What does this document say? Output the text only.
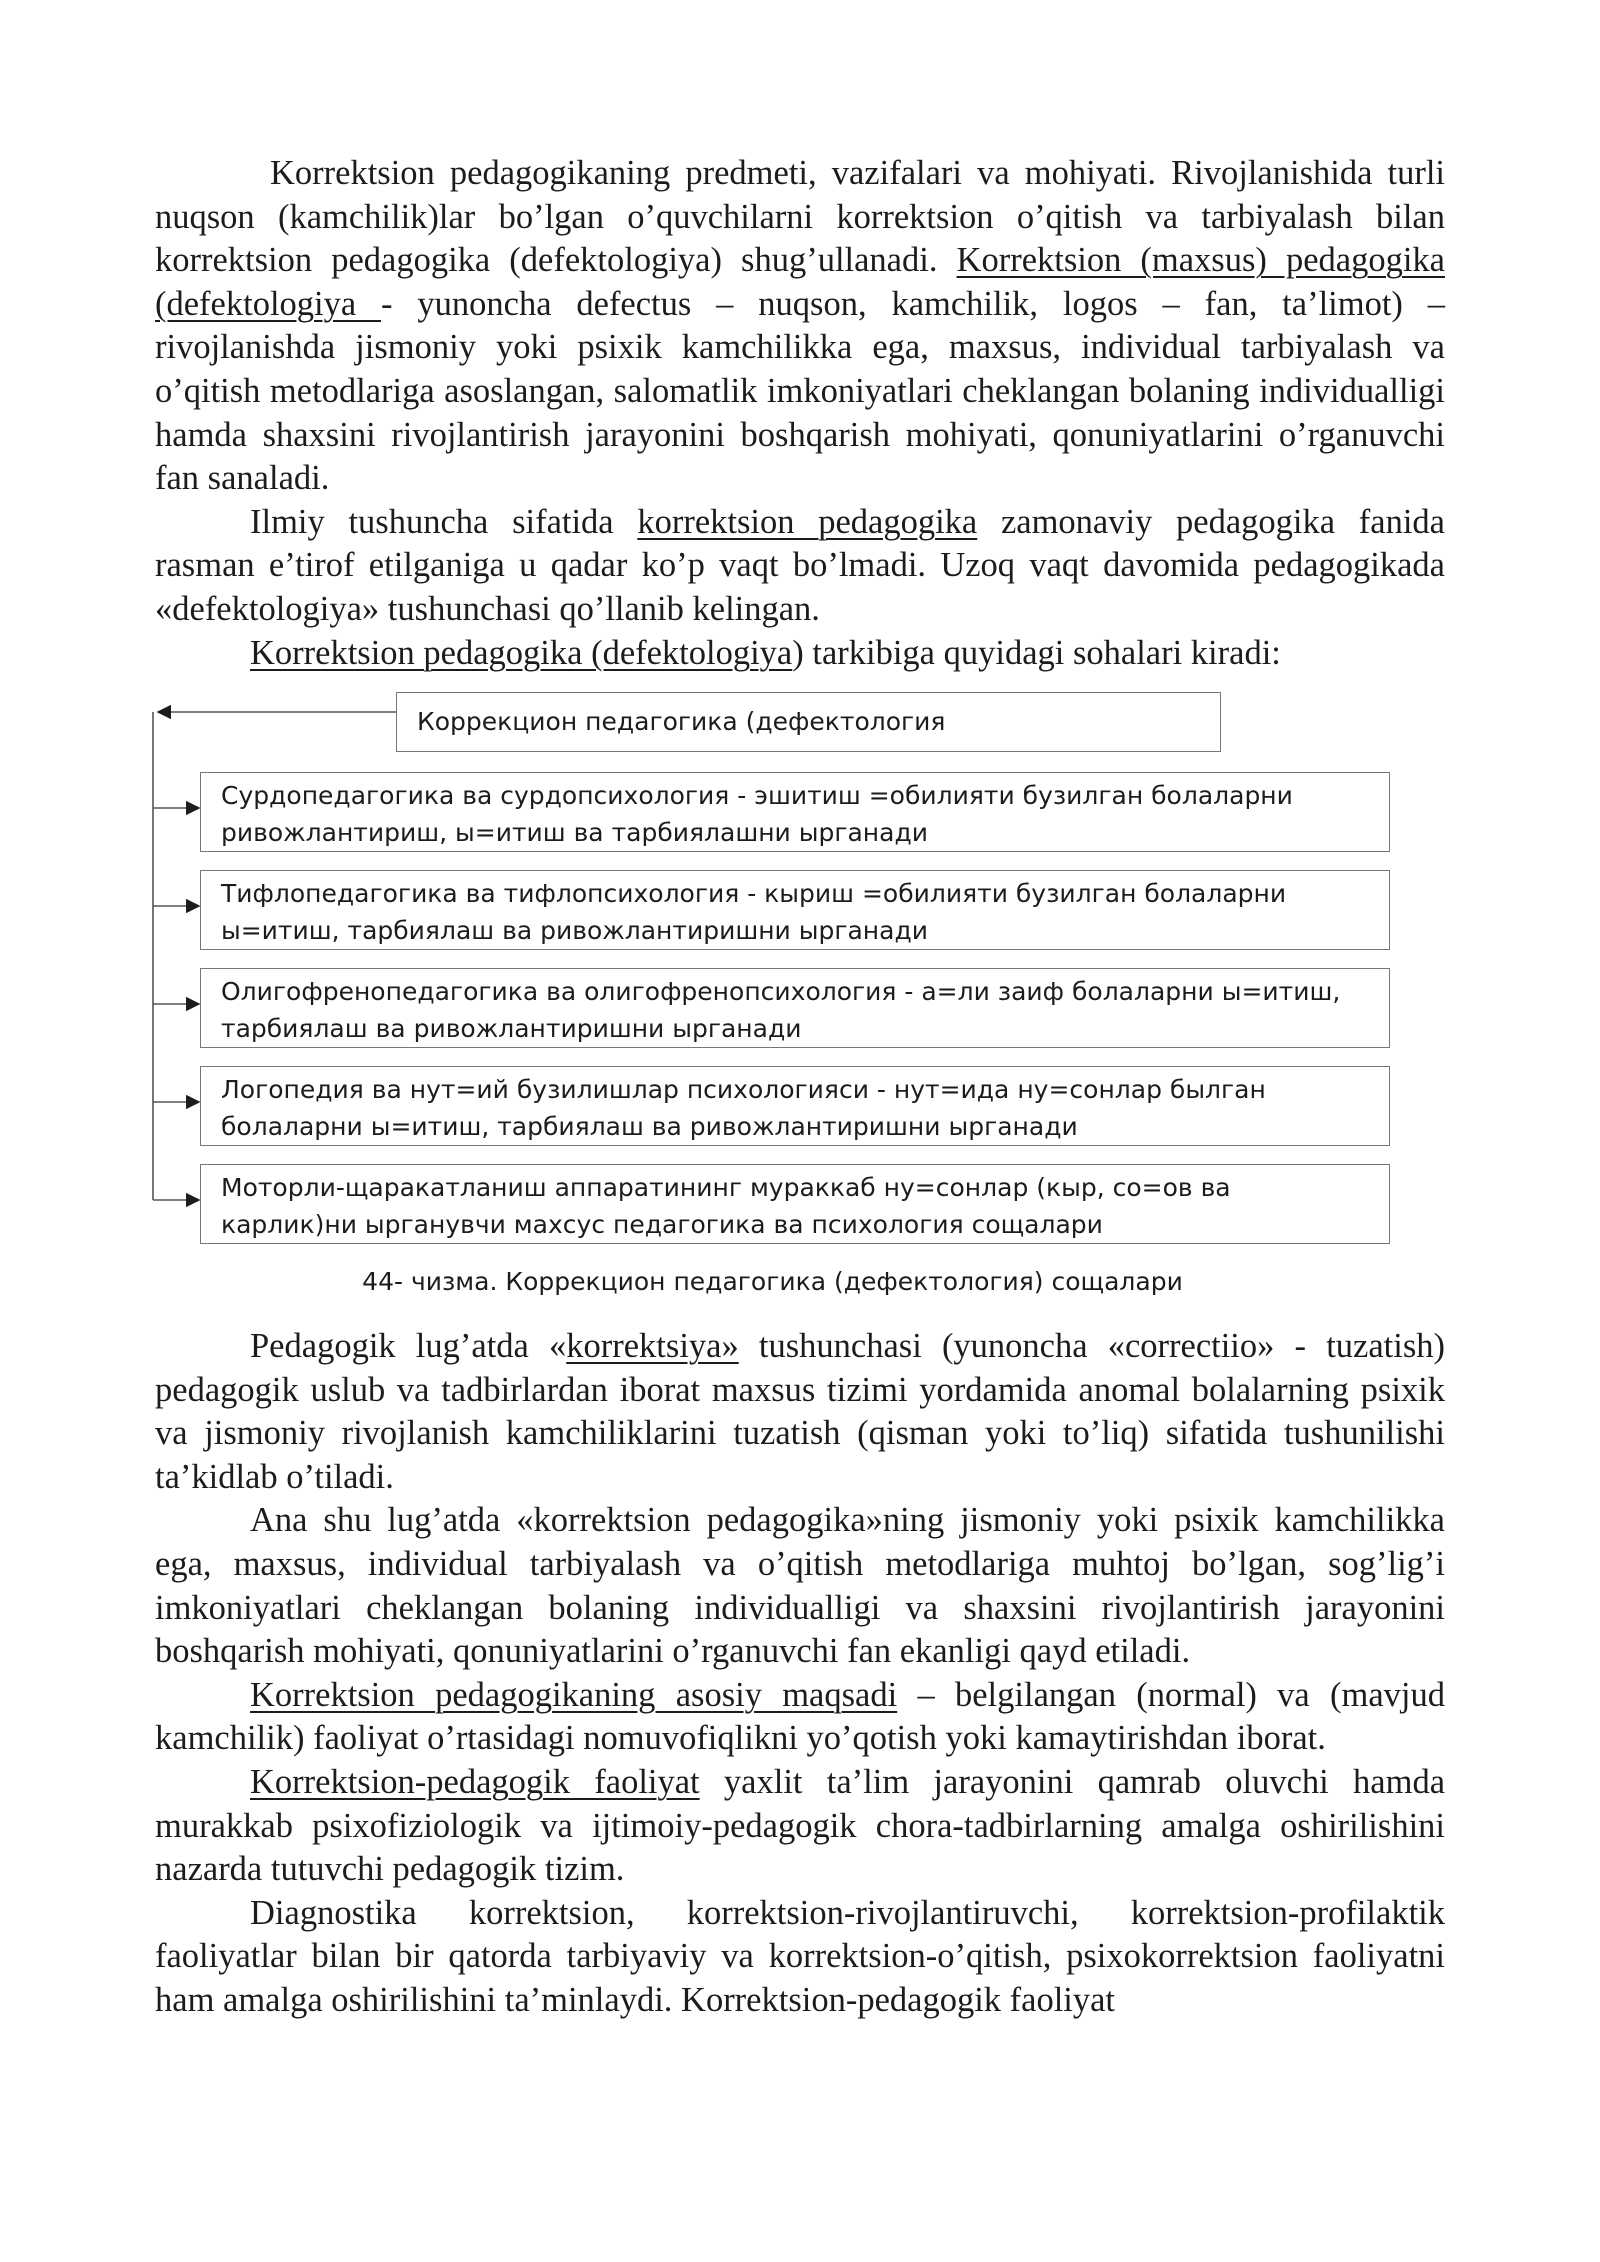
Korrektsion pedagogikaning predmeti, vazifalari va mohiyati. Rivojlanishida turli nuqson (kamchilik)lar bo’lgan o’quvchilarni korrektsion o’qitish va tarbiyalash bilan korrektsion pedagogika (defektologiya) shug’ullanadi. Korrektsion (maxsus) pedagogika (defektologiya - yunoncha defectus – nuqson, kamchilik, logos – fan, ta’limot) – rivojlanishda jismoniy yoki psixik kamchilikka ega, maxsus, individual tarbiyalash va o’qitish metodlariga asoslangan, salomatlik imkoniyatlari cheklangan bolaning individualligi hamda shaxsini rivojlantirish jarayonini boshqarish mohiyati, qonuniyatlarini o’rganuvchi fan sanaladi.

Ilmiy tushuncha sifatida korrektsion pedagogika zamonaviy pedagogika fanida rasman e’tirof etilganiga u qadar ko’p vaqt bo’lmadi. Uzoq vaqt davomida pedagogikada «defektologiya» tushunchasi qo’llanib kelingan.

Korrektsion pedagogika (defektologiya) tarkibiga quyidagi sohalari kiradi:

Коррекцион педагогика (дефектология
Сурдопедагогика ва сурдопсихология - эшитиш =обилияти бузилган болаларни
ривожлантириш, ы=итиш ва тарбиялашни ырганади
Тифлопедагогика ва тифлопсихология - кыриш =обилияти бузилган болаларни
ы=итиш, тарбиялаш ва ривожлантиришни ырганади
Олигофренопедагогика ва олигофренопсихология - а=ли заиф болаларни ы=итиш,
тарбиялаш ва ривожлантиришни ырганади
Логопедия ва нут=ий бузилишлар психологияси - нут=ида ну=сонлар былган
болаларни ы=итиш, тарбиялаш ва ривожлантиришни ырганади
Моторли-щаракатланиш аппаратининг мураккаб ну=сонлар (кыр, со=ов ва
карлик)ни ырганувчи махсус педагогика ва психология сощалари
44- чизма. Коррекцион педагогика (дефектология) сощалари

Pedagogik lug’atda «korrektsiya» tushunchasi (yunoncha «correctiio» - tuzatish) pedagogik uslub va tadbirlardan iborat maxsus tizimi yordamida anomal bolalarning psixik va jismoniy rivojlanish kamchiliklarini tuzatish (qisman yoki to’liq) sifatida tushunilishi ta’kidlab o’tiladi.

Ana shu lug’atda «korrektsion pedagogika»ning jismoniy yoki psixik kamchilikka ega, maxsus, individual tarbiyalash va o’qitish metodlariga muhtoj bo’lgan, sog’lig’i imkoniyatlari cheklangan bolaning individualligi va shaxsini rivojlantirish jarayonini boshqarish mohiyati, qonuniyatlarini o’rganuvchi fan ekanligi qayd etiladi.

Korrektsion pedagogikaning asosiy maqsadi – belgilangan (normal) va (mavjud kamchilik) faoliyat o’rtasidagi nomuvofiqlikni yo’qotish yoki kamaytirishdan iborat.

Korrektsion-pedagogik faoliyat yaxlit ta’lim jarayonini qamrab oluvchi hamda murakkab psixofiziologik va ijtimoiy-pedagogik chora-tadbirlarning amalga oshirilishini nazarda tutuvchi pedagogik tizim.

Diagnostika korrektsion, korrektsion-rivojlantiruvchi, korrektsion-profilaktik faoliyatlar bilan bir qatorda tarbiyaviy va korrektsion-o’qitish, psixokorrektsion faoliyatni ham amalga oshirilishini ta’minlaydi. Korrektsion-pedagogik faoliyat
